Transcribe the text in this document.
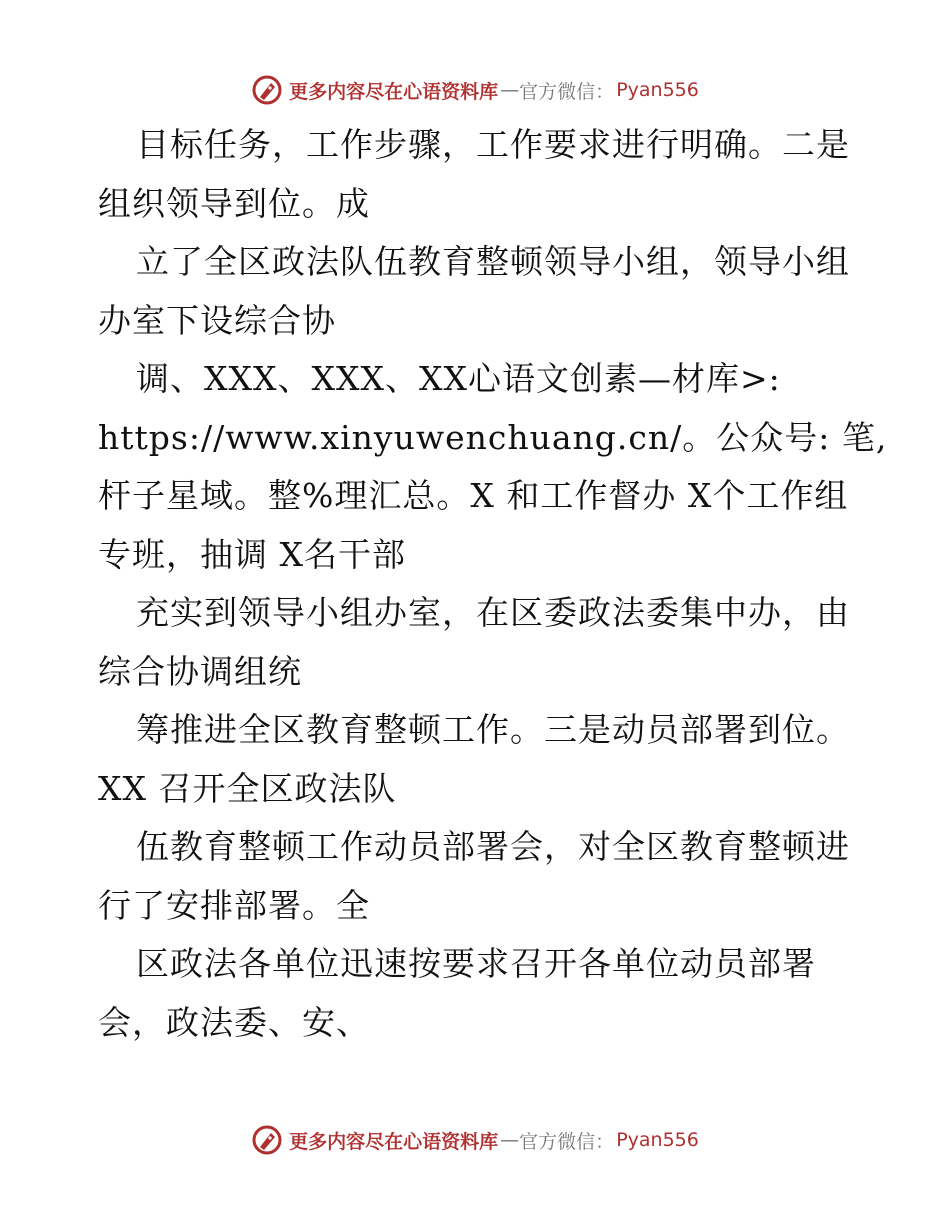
更多内容尽在心语资料库 — 官方微信： Pyan556
目标任务，工作步骤，工作要求进行明确。二是
组织领导到位。成
立了全区政法队伍教育整顿领导小组，领导小组
办室下设综合协
调、XXX、XXX、XX心语文创素—材库>:
https://www.xinyuwenchuang.cn/。公众号: 笔,
杆子星域。整%理汇总。X 和工作督办 X个工作组
专班，抽调 X名干部
充实到领导小组办室，在区委政法委集中办，由
综合协调组统
筹推进全区教育整顿工作。三是动员部署到位。
XX 召开全区政法队
伍教育整顿工作动员部署会，对全区教育整顿进
行了安排部署。全
区政法各单位迅速按要求召开各单位动员部署
会，政法委、安、
更多内容尽在心语资料库 — 官方微信： Pyan556
